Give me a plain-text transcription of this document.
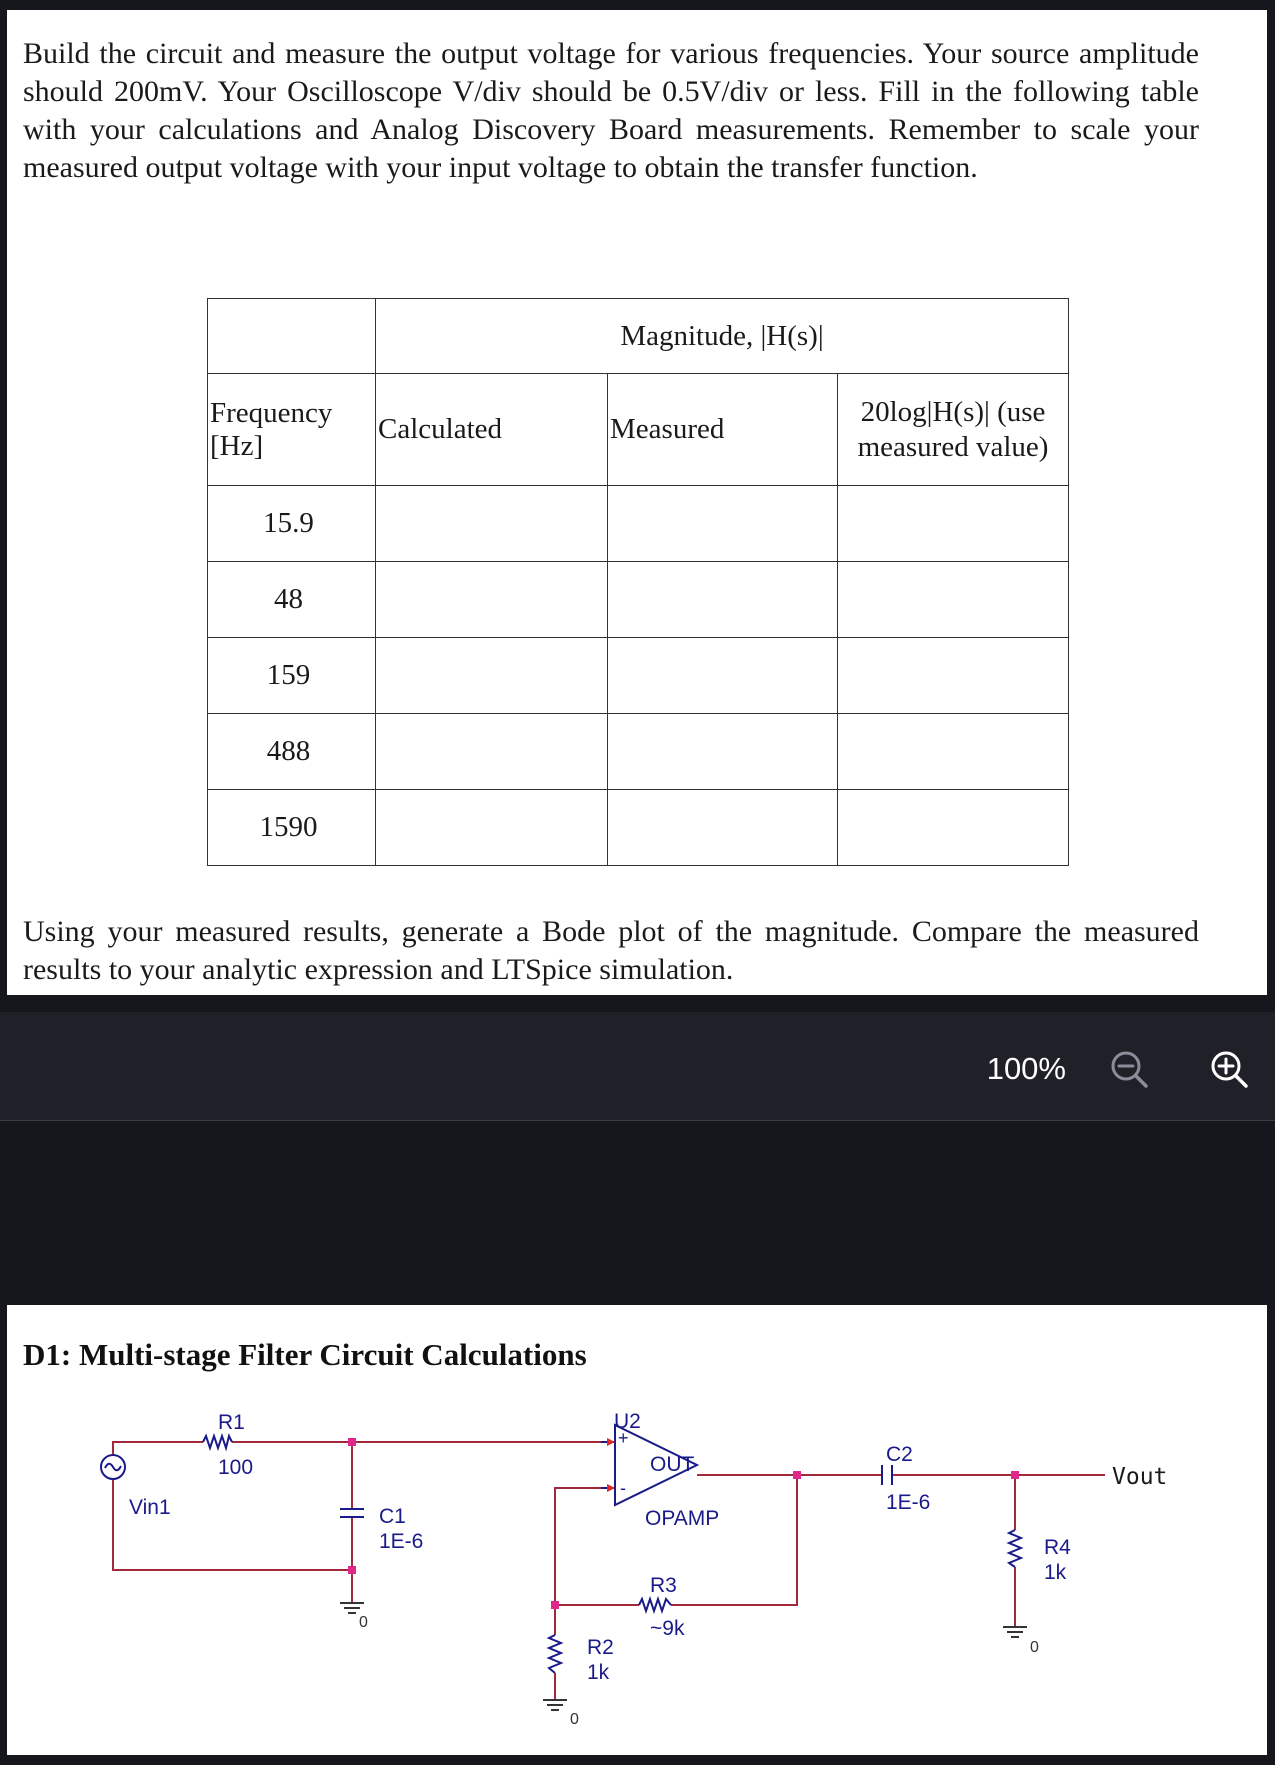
Build the circuit and measure the output voltage for various frequencies. Your source amplitude should 200mV. Your Oscilloscope V/div should be 0.5V/div or less. Fill in the following table with your calculations and Analog Discovery Board measurements. Remember to scale your measured output voltage with your input voltage to obtain the transfer function.

	Magnitude, |H(s)|		
Frequency [Hz]	Calculated	Measured	20log|H(s)| (use measured value)
15.9			
48			
159			
488			
1590			

Using your measured results, generate a Bode plot of the magnitude. Compare the measured results to your analytic expression and LTSpice simulation.

100%
D1: Multi-stage Filter Circuit Calculations
Vin1
R1
100
C1
1E-6
0
U2
OUT
+
-
OPAMP
R3
~9k
R2
1k
0
C2
1E-6
R4
1k
0
Vout
